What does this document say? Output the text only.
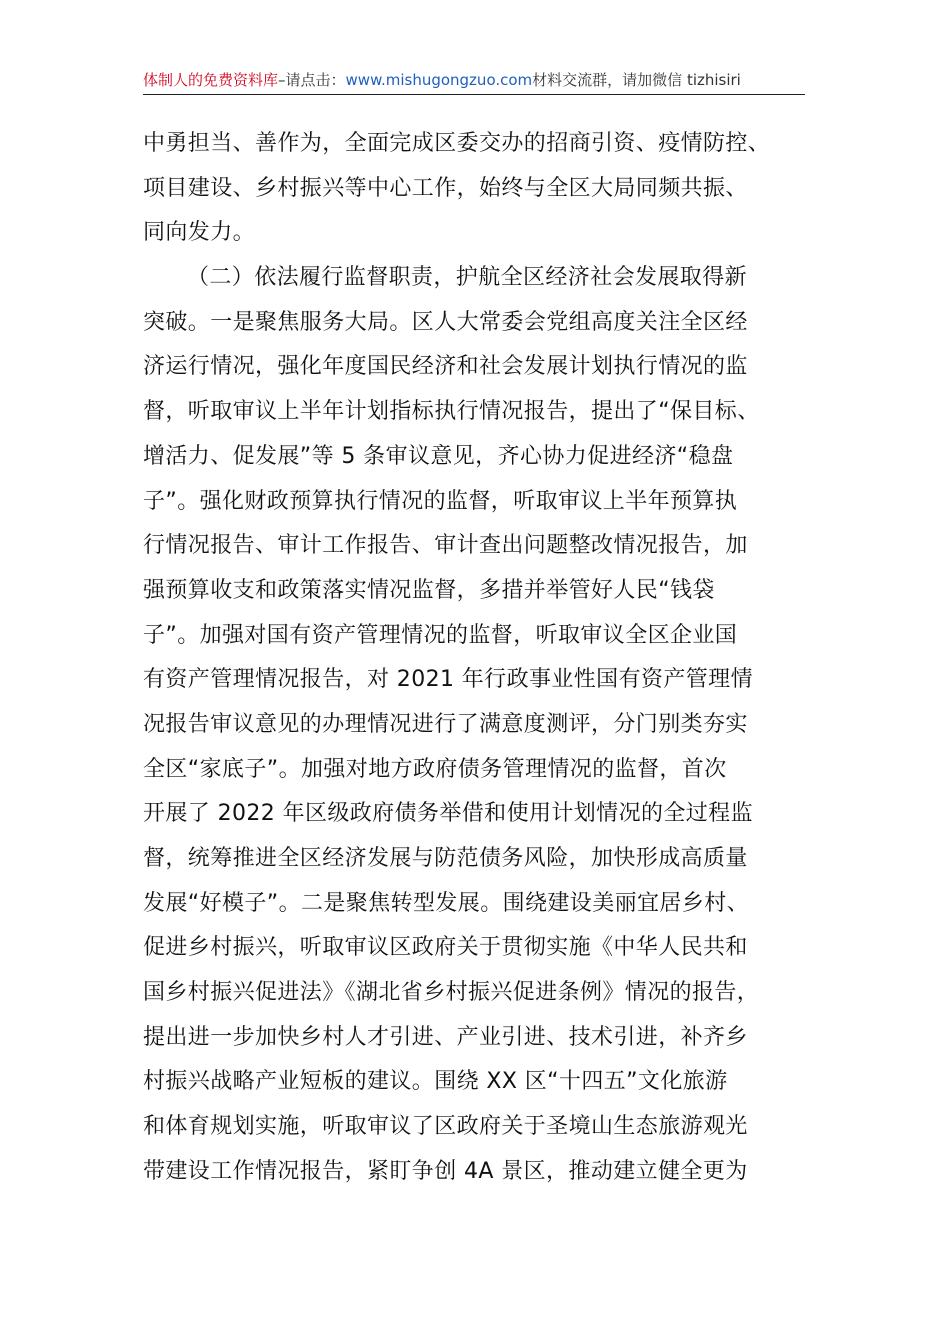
体制人的免费资料库–请点击：www.mishugongzuo.com材料交流群，请加微信 tizhisiri
中勇担当、善作为，全面完成区委交办的招商引资、疫情防控、
项目建设、乡村振兴等中心工作，始终与全区大局同频共振、
同向发力。
（二）依法履行监督职责，护航全区经济社会发展取得新
突破。一是聚焦服务大局。区人大常委会党组高度关注全区经
济运行情况，强化年度国民经济和社会发展计划执行情况的监
督，听取审议上半年计划指标执行情况报告，提出了“保目标、
增活力、促发展”等 5 条审议意见，齐心协力促进经济“稳盘
子”。强化财政预算执行情况的监督，听取审议上半年预算执
行情况报告、审计工作报告、审计查出问题整改情况报告，加
强预算收支和政策落实情况监督，多措并举管好人民“钱袋
子”。加强对国有资产管理情况的监督，听取审议全区企业国
有资产管理情况报告，对 2021 年行政事业性国有资产管理情
况报告审议意见的办理情况进行了满意度测评，分门别类夯实
全区“家底子”。加强对地方政府债务管理情况的监督，首次
开展了 2022 年区级政府债务举借和使用计划情况的全过程监
督，统筹推进全区经济发展与防范债务风险，加快形成高质量
发展“好模子”。二是聚焦转型发展。围绕建设美丽宜居乡村、
促进乡村振兴，听取审议区政府关于贯彻实施《中华人民共和
国乡村振兴促进法》《湖北省乡村振兴促进条例》情况的报告，
提出进一步加快乡村人才引进、产业引进、技术引进，补齐乡
村振兴战略产业短板的建议。围绕 XX 区“十四五”文化旅游
和体育规划实施，听取审议了区政府关于圣境山生态旅游观光
带建设工作情况报告，紧盯争创 4A 景区，推动建立健全更为
